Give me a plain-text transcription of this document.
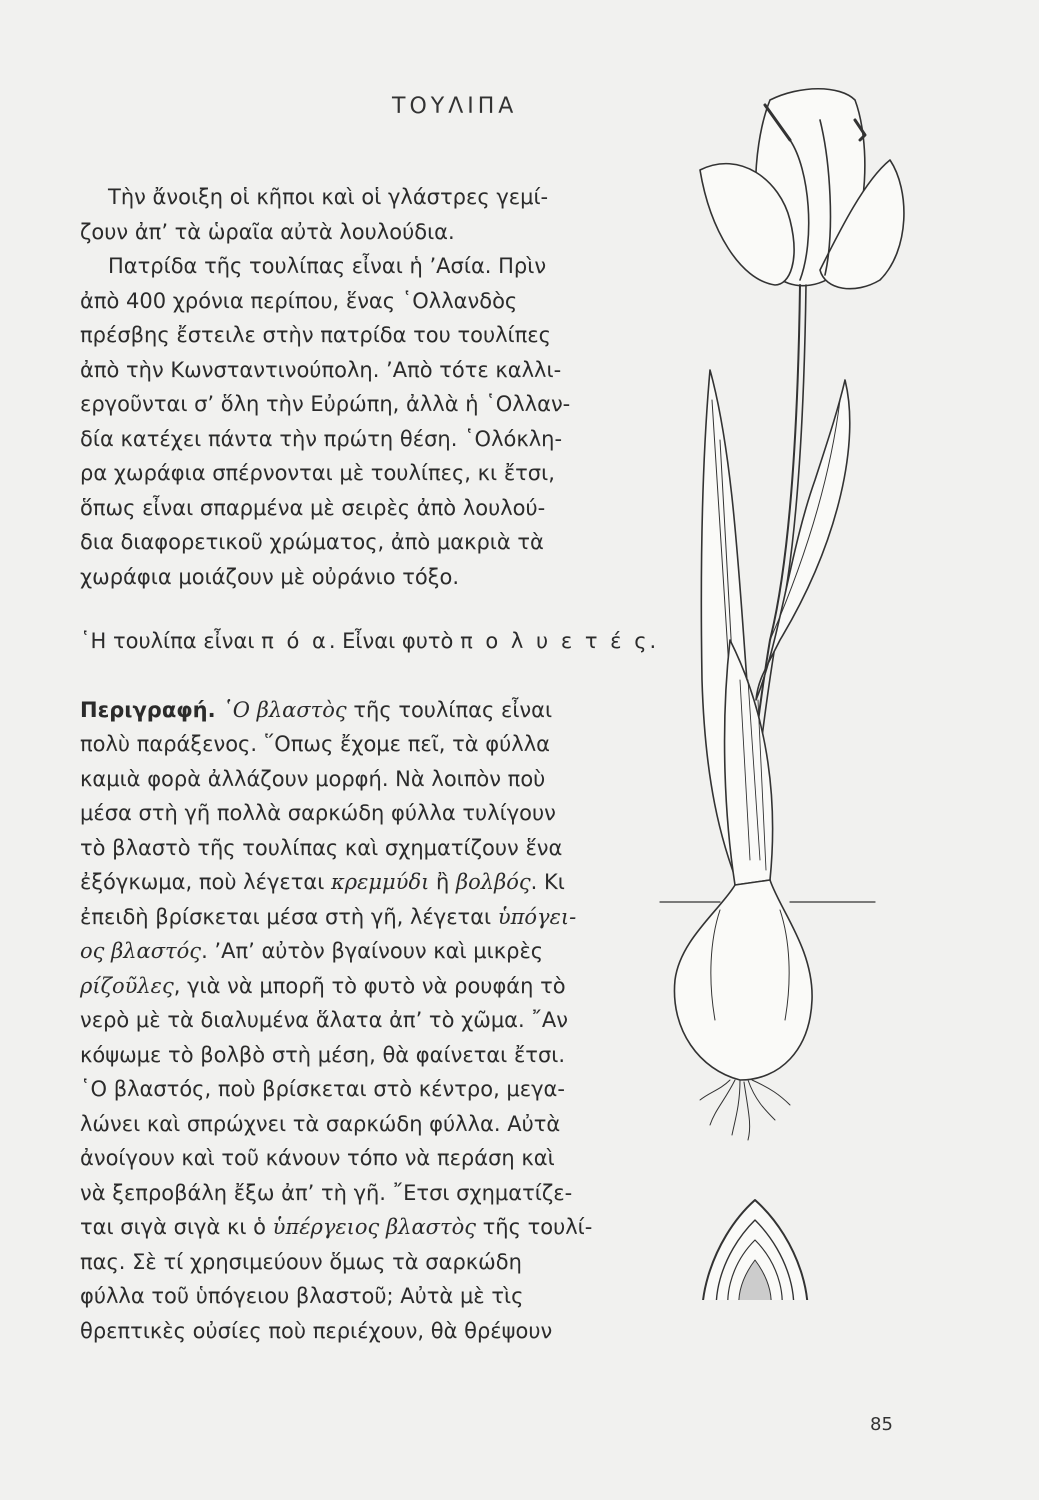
ΤΟΥΛΙΠΑ
Τὴν ἄνοιξη οἱ κῆποι καὶ οἱ γλάστρες γεμί-
ζουν ἀπ’ τὰ ὡραῖα αὐτὰ λουλούδια.
Πατρίδα τῆς τουλίπας εἶναι ἡ ’Ασία. Πρὶν
ἀπὸ 400 χρόνια περίπου, ἕνας ῾Ολλανδὸς
πρέσβης ἔστειλε στὴν πατρίδα του τουλίπες
ἀπὸ τὴν Κωνσταντινούπολη. ’Απὸ τότε καλλι-
εργοῦνται σ’ ὅλη τὴν Εὐρώπη, ἀλλὰ ἡ ῾Ολλαν-
δία κατέχει πάντα τὴν πρώτη θέση. ῾Ολόκλη-
ρα χωράφια σπέρνονται μὲ τουλίπες, κι ἔτσι,
ὅπως εἶναι σπαρμένα μὲ σειρὲς ἀπὸ λουλού-
δια διαφορετικοῦ χρώματος, ἀπὸ μακριὰ τὰ
χωράφια μοιάζουν μὲ οὐράνιο τόξο.
῾Η τουλίπα εἶναι π ό α. Εἶναι φυτὸ π ο λ υ ε τ έ ς.
Περιγραφή. ῾Ο βλαστὸς τῆς τουλίπας εἶναι
πολὺ παράξενος. ῞Οπως ἔχομε πεῖ, τὰ φύλλα
καμιὰ φορὰ ἀλλάζουν μορφή. Νὰ λοιπὸν ποὺ
μέσα στὴ γῆ πολλὰ σαρκώδη φύλλα τυλίγουν
τὸ βλαστὸ τῆς τουλίπας καὶ σχηματίζουν ἕνα
ἐξόγκωμα, ποὺ λέγεται κρεμμύδι ἢ βολβός. Κι
ἐπειδὴ βρίσκεται μέσα στὴ γῆ, λέγεται ὑπόγει-
ος βλαστός. ’Απ’ αὐτὸν βγαίνουν καὶ μικρὲς
ρίζοῦλες, γιὰ νὰ μπορῆ τὸ φυτὸ νὰ ρουφάη τὸ
νερὸ μὲ τὰ διαλυμένα ἅλατα ἀπ’ τὸ χῶμα. ῎Αν
κόψωμε τὸ βολβὸ στὴ μέση, θὰ φαίνεται ἔτσι.
῾Ο βλαστός, ποὺ βρίσκεται στὸ κέντρο, μεγα-
λώνει καὶ σπρώχνει τὰ σαρκώδη φύλλα. Αὐτὰ
ἀνοίγουν καὶ τοῦ κάνουν τόπο νὰ περάση καὶ
νὰ ξεπροβάλη ἔξω ἀπ’ τὴ γῆ. ῎Ετσι σχηματίζε-
ται σιγὰ σιγὰ κι ὁ ὑπέργειος βλαστὸς τῆς τουλί-
πας. Σὲ τί χρησιμεύουν ὅμως τὰ σαρκώδη
φύλλα τοῦ ὑπόγειου βλαστοῦ; Αὐτὰ μὲ τὶς
θρεπτικὲς οὐσίες ποὺ περιέχουν, θὰ θρέψουν
85
